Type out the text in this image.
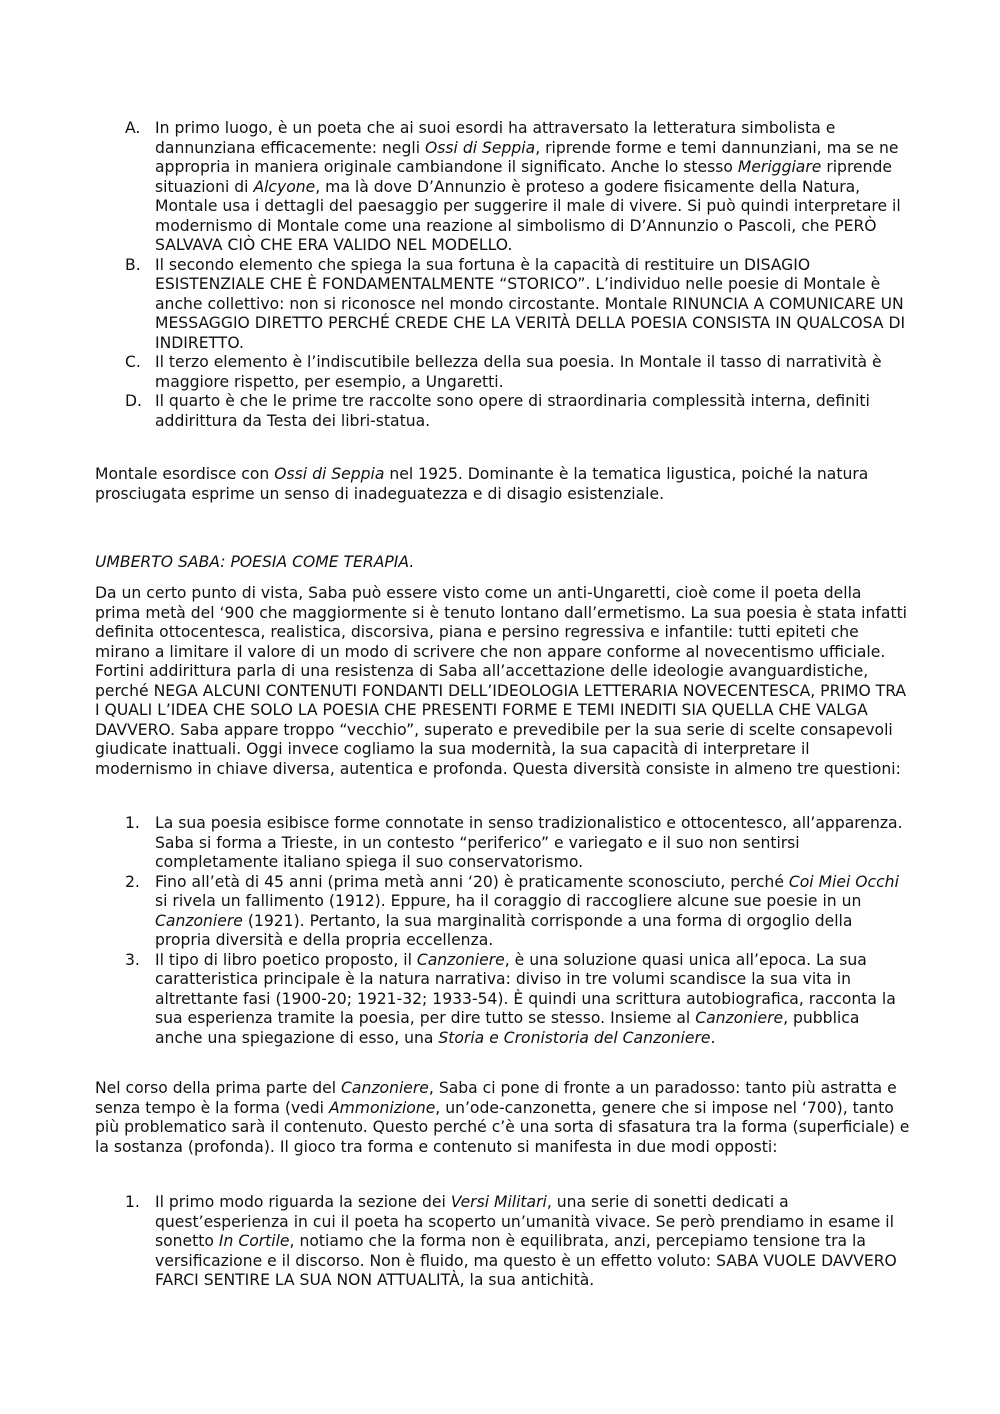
A. In primo luogo, è un poeta che ai suoi esordi ha attraversato la letteratura simbolista e dannunziana efficacemente: negli Ossi di Seppia, riprende forme e temi dannunziani, ma se ne appropria in maniera originale cambiandone il significato. Anche lo stesso Meriggiare riprende situazioni di Alcyone, ma là dove D’Annunzio è proteso a godere fisicamente della Natura, Montale usa i dettagli del paesaggio per suggerire il male di vivere. Si può quindi interpretare il modernismo di Montale come una reazione al simbolismo di D’Annunzio o Pascoli, che PERÒ SALVAVA CIÒ CHE ERA VALIDO NEL MODELLO.
B. Il secondo elemento che spiega la sua fortuna è la capacità di restituire un DISAGIO ESISTENZIALE CHE È FONDAMENTALMENTE “STORICO”. L’individuo nelle poesie di Montale è anche collettivo: non si riconosce nel mondo circostante. Montale RINUNCIA A COMUNICARE UN MESSAGGIO DIRETTO PERCHÉ CREDE CHE LA VERITÀ DELLA POESIA CONSISTA IN QUALCOSA DI INDIRETTO.
C. Il terzo elemento è l’indiscutibile bellezza della sua poesia. In Montale il tasso di narratività è maggiore rispetto, per esempio, a Ungaretti.
D. Il quarto è che le prime tre raccolte sono opere di straordinaria complessità interna, definiti addirittura da Testa dei libri-statua.

Montale esordisce con Ossi di Seppia nel 1925. Dominante è la tematica ligustica, poiché la natura prosciugata esprime un senso di inadeguatezza e di disagio esistenziale.

UMBERTO SABA: POESIA COME TERAPIA.

Da un certo punto di vista, Saba può essere visto come un anti-Ungaretti, cioè come il poeta della prima metà del ‘900 che maggiormente si è tenuto lontano dall’ermetismo. La sua poesia è stata infatti definita ottocentesca, realistica, discorsiva, piana e persino regressiva e infantile: tutti epiteti che mirano a limitare il valore di un modo di scrivere che non appare conforme al novecentismo ufficiale. Fortini addirittura parla di una resistenza di Saba all’accettazione delle ideologie avanguardistiche, perché NEGA ALCUNI CONTENUTI FONDANTI DELL’IDEOLOGIA LETTERARIA NOVECENTESCA, PRIMO TRA I QUALI L’IDEA CHE SOLO LA POESIA CHE PRESENTI FORME E TEMI INEDITI SIA QUELLA CHE VALGA DAVVERO. Saba appare troppo “vecchio”, superato e prevedibile per la sua serie di scelte consapevoli giudicate inattuali. Oggi invece cogliamo la sua modernità, la sua capacità di interpretare il modernismo in chiave diversa, autentica e profonda. Questa diversità consiste in almeno tre questioni:

1. La sua poesia esibisce forme connotate in senso tradizionalistico e ottocentesco, all’apparenza. Saba si forma a Trieste, in un contesto “periferico” e variegato e il suo non sentirsi completamente italiano spiega il suo conservatorismo.
2. Fino all’età di 45 anni (prima metà anni ‘20) è praticamente sconosciuto, perché Coi Miei Occhi si rivela un fallimento (1912). Eppure, ha il coraggio di raccogliere alcune sue poesie in un Canzoniere (1921). Pertanto, la sua marginalità corrisponde a una forma di orgoglio della propria diversità e della propria eccellenza.
3. Il tipo di libro poetico proposto, il Canzoniere, è una soluzione quasi unica all’epoca. La sua caratteristica principale è la natura narrativa: diviso in tre volumi scandisce la sua vita in altrettante fasi (1900-20; 1921-32; 1933-54). È quindi una scrittura autobiografica, racconta la sua esperienza tramite la poesia, per dire tutto se stesso. Insieme al Canzoniere, pubblica anche una spiegazione di esso, una Storia e Cronistoria del Canzoniere.

Nel corso della prima parte del Canzoniere, Saba ci pone di fronte a un paradosso: tanto più astratta e senza tempo è la forma (vedi Ammonizione, un’ode-canzonetta, genere che si impose nel ‘700), tanto più problematico sarà il contenuto. Questo perché c’è una sorta di sfasatura tra la forma (superficiale) e la sostanza (profonda). Il gioco tra forma e contenuto si manifesta in due modi opposti:

1. Il primo modo riguarda la sezione dei Versi Militari, una serie di sonetti dedicati a quest’esperienza in cui il poeta ha scoperto un’umanità vivace. Se però prendiamo in esame il sonetto In Cortile, notiamo che la forma non è equilibrata, anzi, percepiamo tensione tra la versificazione e il discorso. Non è fluido, ma questo è un effetto voluto: SABA VUOLE DAVVERO FARCI SENTIRE LA SUA NON ATTUALITÀ, la sua antichità.
